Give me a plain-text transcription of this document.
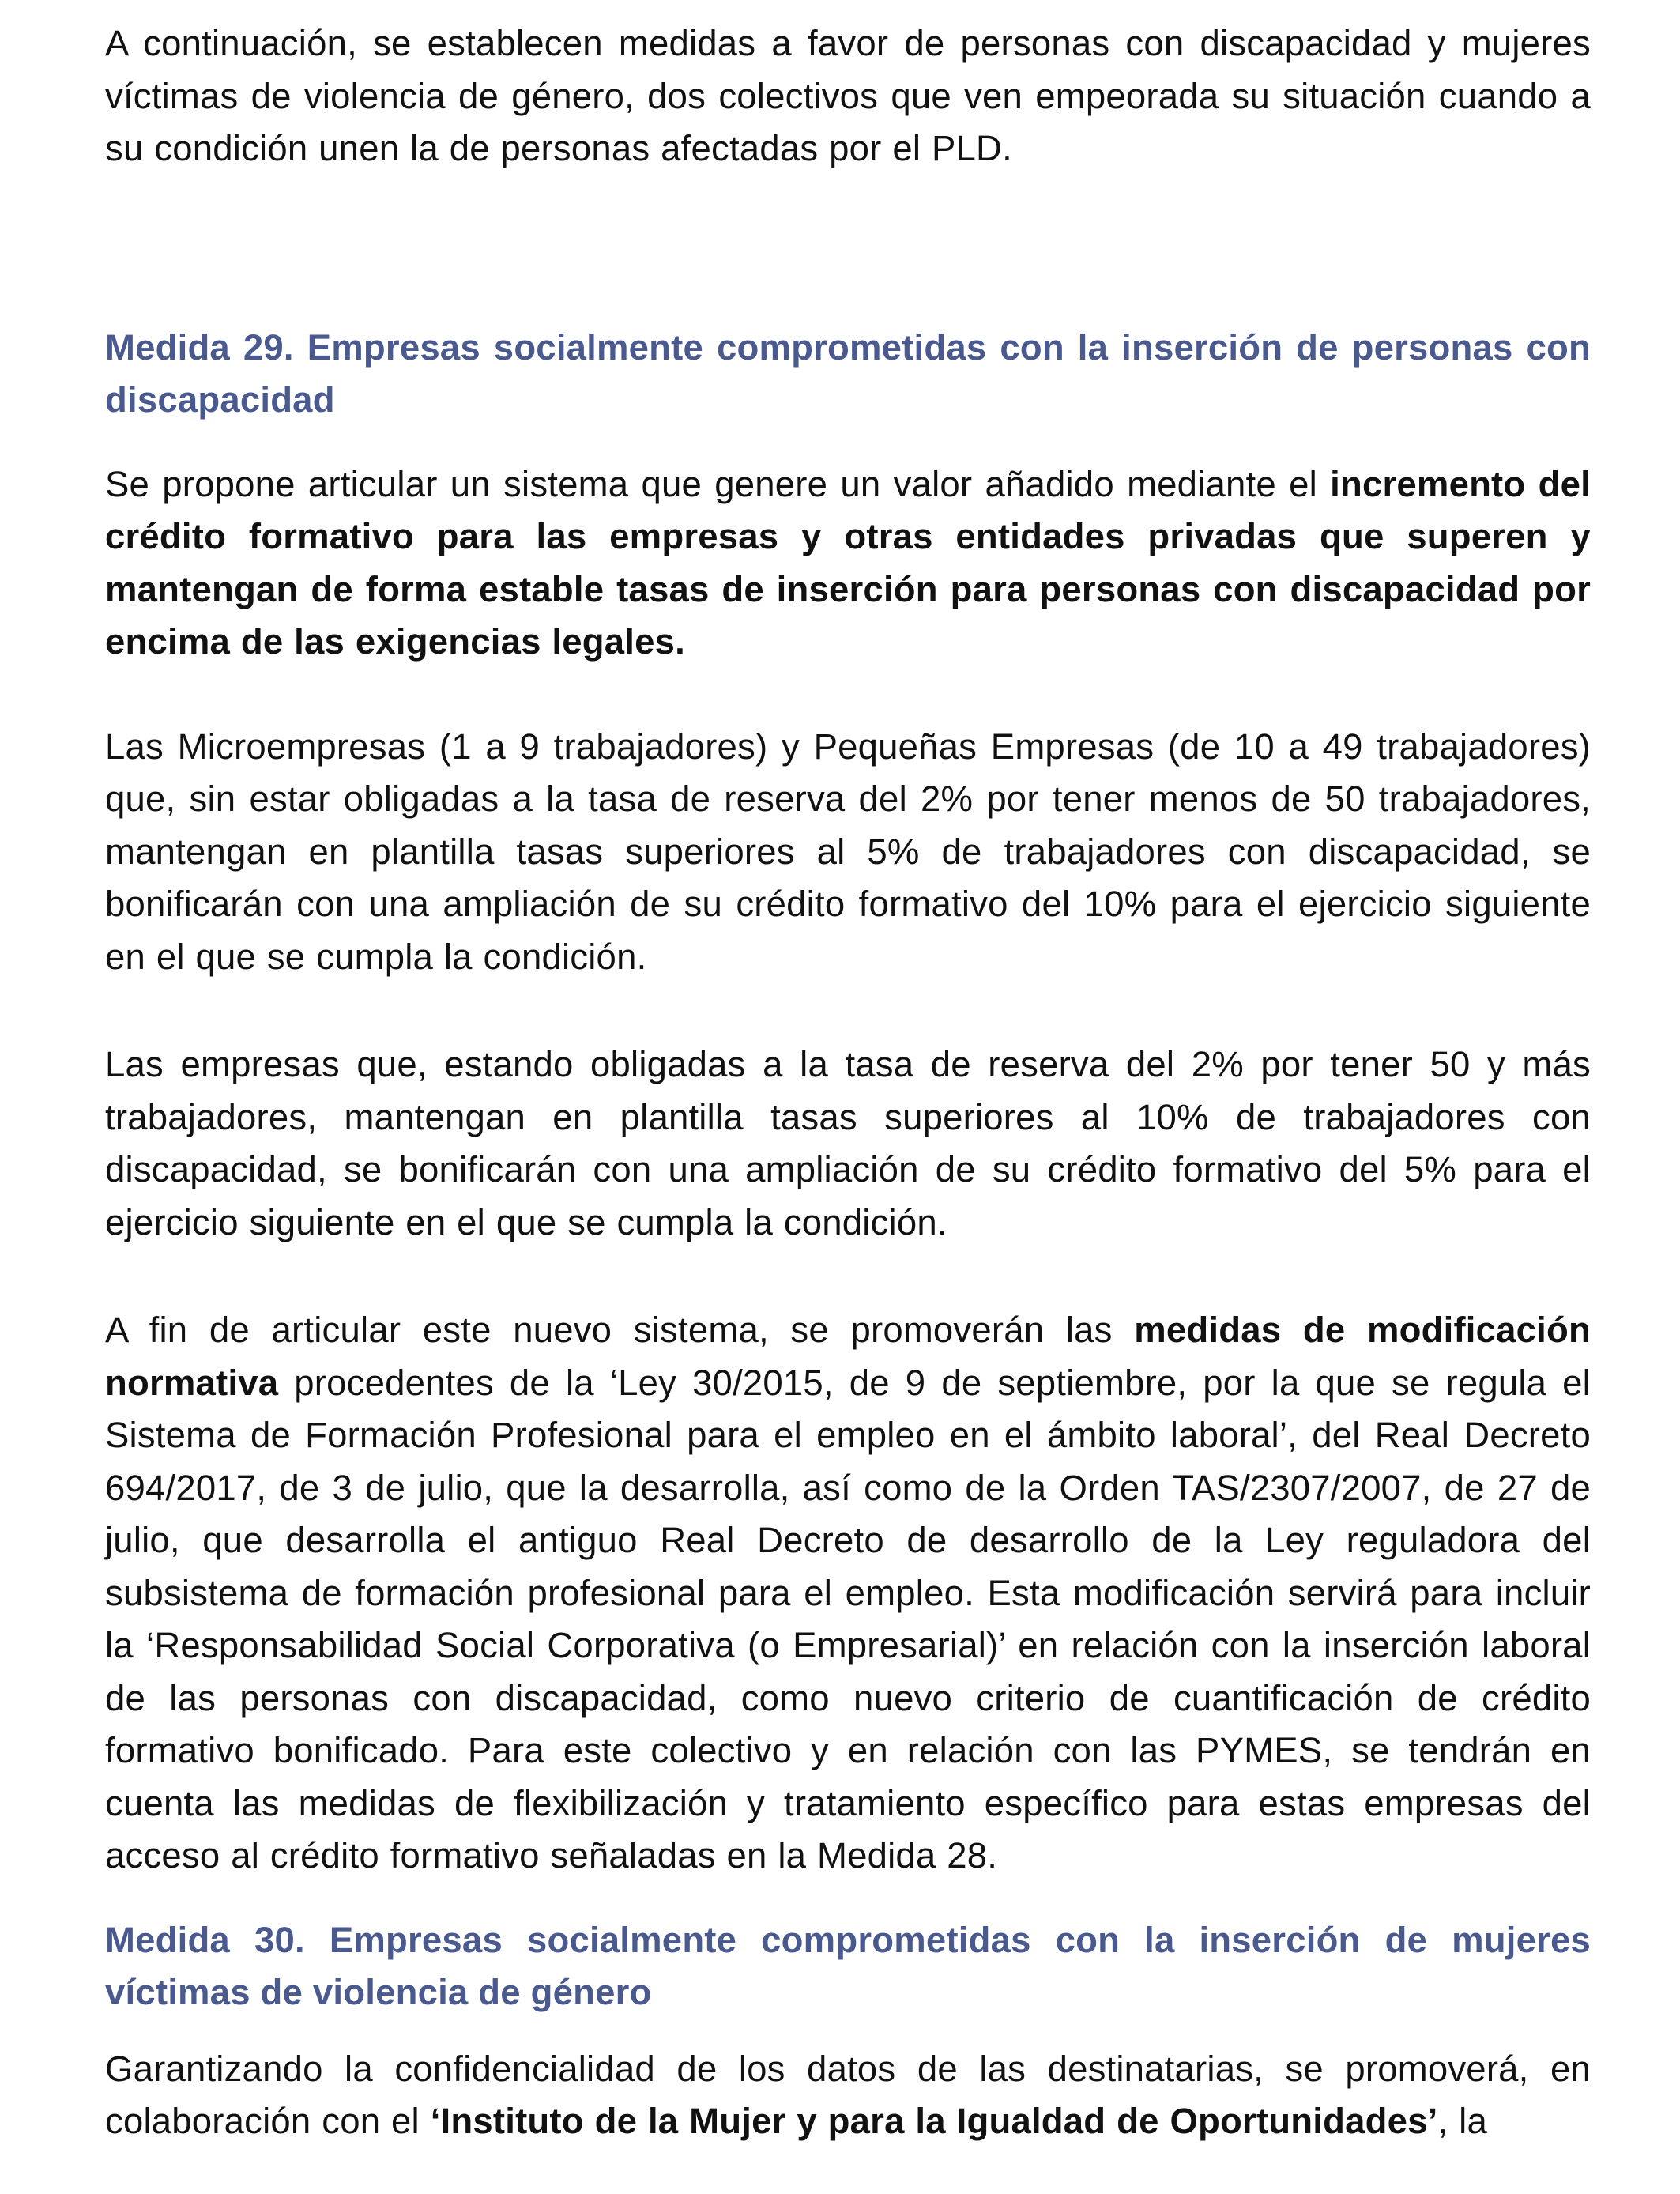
A continuación, se establecen medidas a favor de personas con discapacidad y mujeres víctimas de violencia de género, dos colectivos que ven empeorada su situación cuando a su condición unen la de personas afectadas por el PLD.

Medida 29. Empresas socialmente comprometidas con la inserción de personas con discapacidad

Se propone articular un sistema que genere un valor añadido mediante el incremento del crédito formativo para las empresas y otras entidades privadas que superen y mantengan de forma estable tasas de inserción para personas con discapacidad por encima de las exigencias legales.

Las Microempresas (1 a 9 trabajadores) y Pequeñas Empresas (de 10 a 49 trabajadores) que, sin estar obligadas a la tasa de reserva del 2% por tener menos de 50 trabajadores, mantengan en plantilla tasas superiores al 5% de trabajadores con discapacidad, se bonificarán con una ampliación de su crédito formativo del 10% para el ejercicio siguiente en el que se cumpla la condición.

Las empresas que, estando obligadas a la tasa de reserva del 2% por tener 50 y más trabajadores, mantengan en plantilla tasas superiores al 10% de trabajadores con discapacidad, se bonificarán con una ampliación de su crédito formativo del 5% para el ejercicio siguiente en el que se cumpla la condición.

A fin de articular este nuevo sistema, se promoverán las medidas de modificación normativa procedentes de la ‘Ley 30/2015, de 9 de septiembre, por la que se regula el Sistema de Formación Profesional para el empleo en el ámbito laboral’, del Real Decreto 694/2017, de 3 de julio, que la desarrolla, así como de la Orden TAS/2307/2007, de 27 de julio, que desarrolla el antiguo Real Decreto de desarrollo de la Ley reguladora del subsistema de formación profesional para el empleo. Esta modificación servirá para incluir la ‘Responsabilidad Social Corporativa (o Empresarial)’ en relación con la inserción laboral de las personas con discapacidad, como nuevo criterio de cuantificación de crédito formativo bonificado. Para este colectivo y en relación con las PYMES, se tendrán en cuenta las medidas de flexibilización y tratamiento específico para estas empresas del acceso al crédito formativo señaladas en la Medida 28.

Medida 30. Empresas socialmente comprometidas con la inserción de mujeres víctimas de violencia de género

Garantizando la confidencialidad de los datos de las destinatarias, se promoverá, en colaboración con el ‘Instituto de la Mujer y para la Igualdad de Oportunidades’, la
